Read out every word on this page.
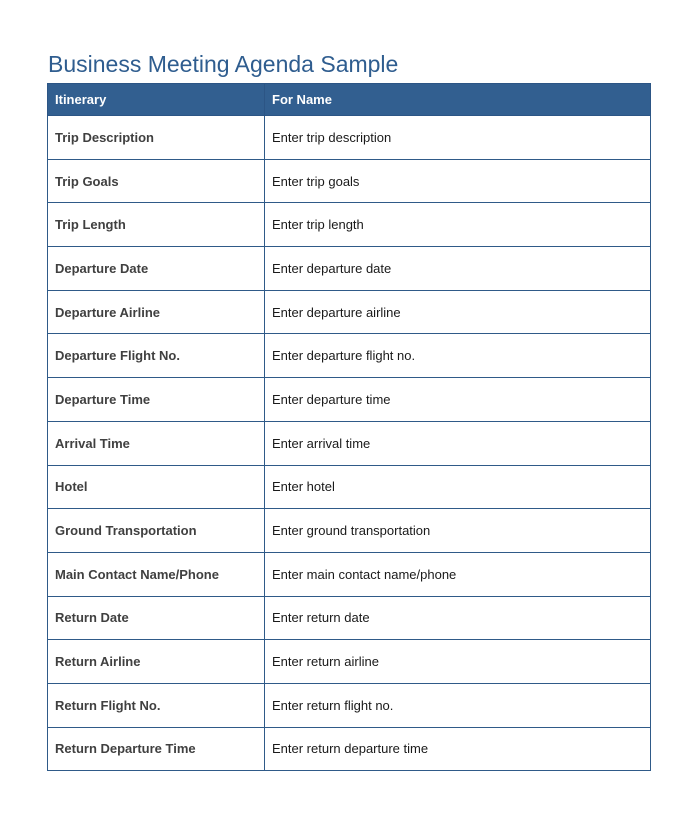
Business Meeting Agenda Sample
Itinerary	For Name
Trip Description	Enter trip description
Trip Goals	Enter trip goals
Trip Length	Enter trip length
Departure Date	Enter departure date
Departure Airline	Enter departure airline
Departure Flight No.	Enter departure flight no.
Departure Time	Enter departure time
Arrival Time	Enter arrival time
Hotel	Enter hotel
Ground Transportation	Enter ground transportation
Main Contact Name/Phone	Enter main contact name/phone
Return Date	Enter return date
Return Airline	Enter return airline
Return Flight No.	Enter return flight no.
Return Departure Time	Enter return departure time
